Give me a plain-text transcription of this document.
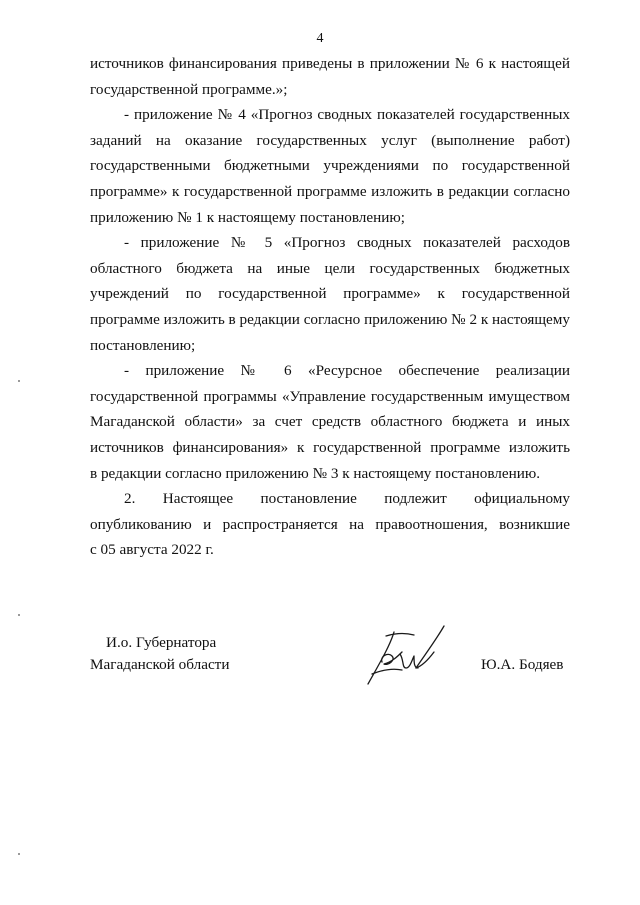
4
источников финансирования приведены в приложении № 6 к настоящей
государственной программе.»;
- приложение № 4 «Прогноз сводных показателей государственных
заданий на оказание государственных услуг (выполнение работ)
государственными бюджетными учреждениями по государственной
программе» к государственной программе изложить в редакции согласно
приложению № 1 к настоящему постановлению;
- приложение № 5 «Прогноз сводных показателей расходов
областного бюджета на иные цели государственных бюджетных
учреждений по государственной программе» к государственной
программе изложить в редакции согласно приложению № 2 к настоящему
постановлению;
- приложение № 6 «Ресурсное обеспечение реализации
государственной программы «Управление государственным имуществом
Магаданской области» за счет средств областного бюджета и иных
источников финансирования» к государственной программе изложить
в редакции согласно приложению № 3 к настоящему постановлению.
2. Настоящее постановление подлежит официальному
опубликованию и распространяется на правоотношения, возникшие
с 05 августа 2022 г.
И.о. Губернатора
Магаданской области	Ю.А. Бодяев
